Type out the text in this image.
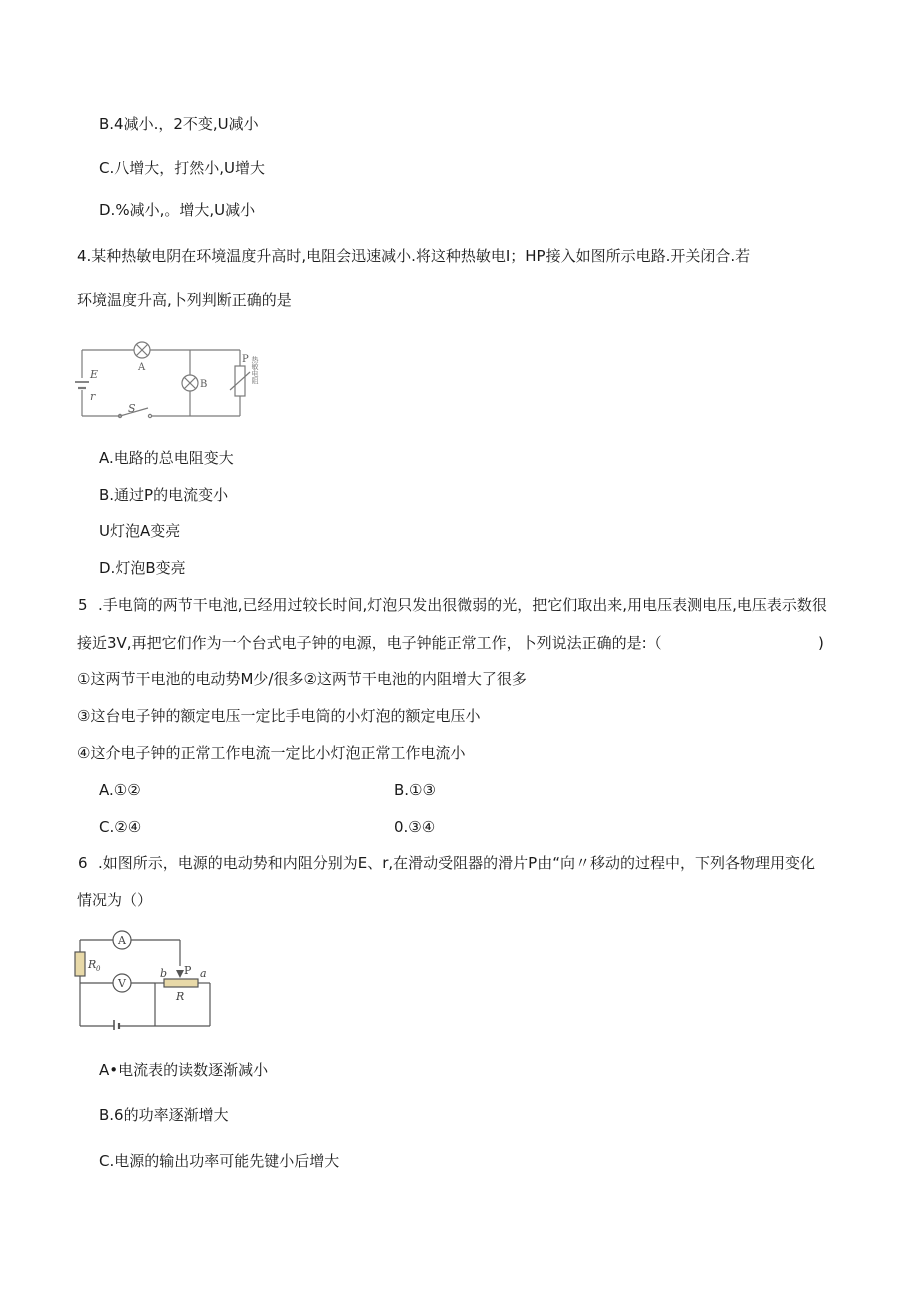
B.4减小.，2不变,U减小
C.八增大，打然小,U增大
D.%减小,。增大,U减小
4.某种热敏电阴在环境温度升高时,电阻会迅速减小.将这种热敏电I；HP接入如图所示电路.开关闭合.若
环境温度升高,卜列判断正确的是
E
r
S
A
B
P 热敏电阻
A.电路的总电阻变大
B.通过P的电流变小
U灯泡A变亮
D.灯泡B变亮
5 .手电筒的两节干电池,已经用过较长时间,灯泡只发出很微弱的光，把它们取出来,用电压表测电压,电压表示数很
接近3V,再把它们作为一个台式电子钟的电源，电子钟能正常工作，卜列说法正确的是:（	)
①这两节干电池的电动势M少/很多②这两节干电池的内阻增大了很多
③这台电子钟的额定电压一定比手电筒的小灯泡的额定电压小
④这介电子钟的正常工作电流一定比小灯泡正常工作电流小
A.①②	B.①③
C.②④	0.③④
6 .如图所示，电源的电动势和内阻分别为E、r,在滑动受阻器的滑片P由“向〃移动的过程中，下列各物理用变化
情况为（）
A
V
P
R 0
R
a
b
A•电流表的读数逐渐减小
B.6的功率逐渐增大
C.电源的输出功率可能先键小后增大
